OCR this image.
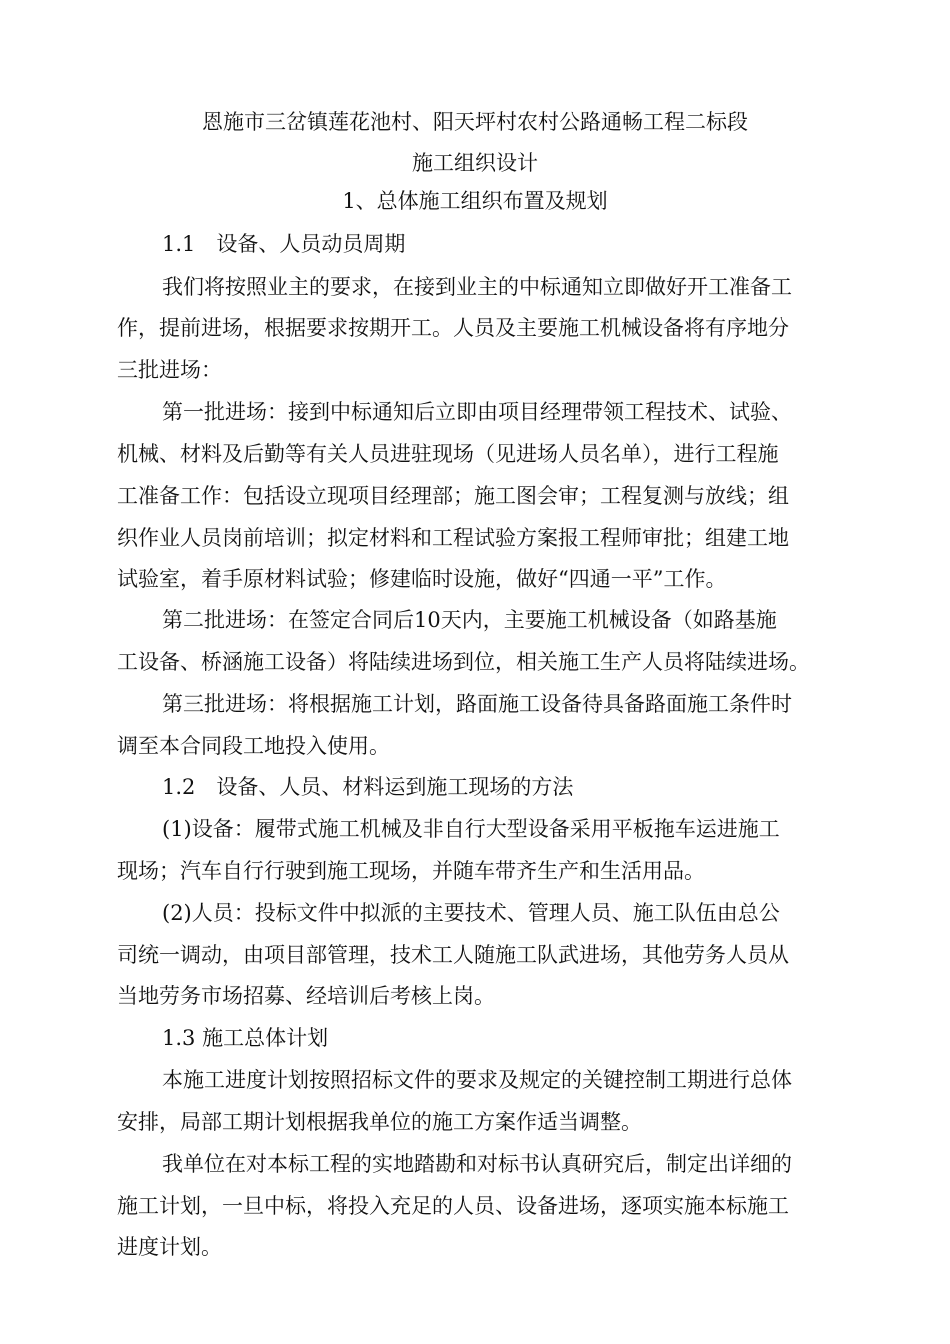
恩施市三岔镇莲花池村、阳天坪村农村公路通畅工程二标段
施工组织设计
1、总体施工组织布置及规划
1.1　设备、人员动员周期
我们将按照业主的要求，在接到业主的中标通知立即做好开工准备工
作，提前进场，根据要求按期开工。人员及主要施工机械设备将有序地分
三批进场：
第一批进场：接到中标通知后立即由项目经理带领工程技术、试验、
机械、材料及后勤等有关人员进驻现场（见进场人员名单），进行工程施
工准备工作：包括设立现项目经理部；施工图会审；工程复测与放线；组
织作业人员岗前培训；拟定材料和工程试验方案报工程师审批；组建工地
试验室，着手原材料试验；修建临时设施，做好“四通一平”工作。
第二批进场：在签定合同后10天内，主要施工机械设备（如路基施
工设备、桥涵施工设备）将陆续进场到位，相关施工生产人员将陆续进场。
第三批进场：将根据施工计划，路面施工设备待具备路面施工条件时
调至本合同段工地投入使用。
1.2　设备、人员、材料运到施工现场的方法
(1)设备：履带式施工机械及非自行大型设备采用平板拖车运进施工
现场；汽车自行行驶到施工现场，并随车带齐生产和生活用品。
(2)人员：投标文件中拟派的主要技术、管理人员、施工队伍由总公
司统一调动，由项目部管理，技术工人随施工队武进场，其他劳务人员从
当地劳务市场招募、经培训后考核上岗。
1.3 施工总体计划
本施工进度计划按照招标文件的要求及规定的关键控制工期进行总体
安排，局部工期计划根据我单位的施工方案作适当调整。
我单位在对本标工程的实地踏勘和对标书认真研究后，制定出详细的
施工计划，一旦中标，将投入充足的人员、设备进场，逐项实施本标施工
进度计划。
